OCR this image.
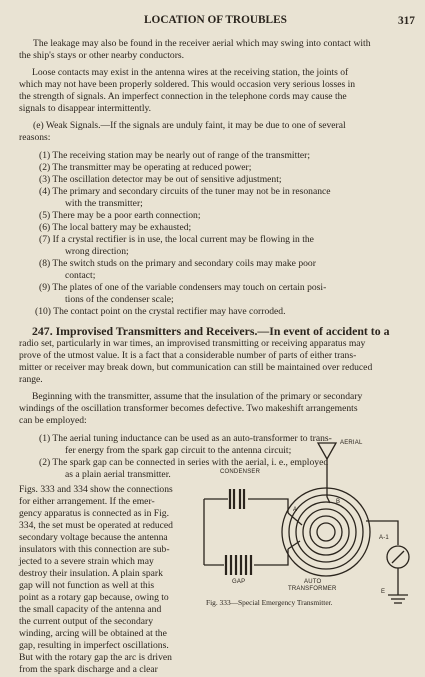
LOCATION OF TROUBLES	317
The leakage may also be found in the receiver aerial which may swing into contact with
the ship's stays or other nearby conductors.
Loose contacts may exist in the antenna wires at the receiving station, the joints of
which may not have been properly soldered. This would occasion very serious losses in
the strength of signals. An imperfect connection in the telephone cords may cause the
signals to disappear intermittently.
(e) Weak Signals.—If the signals are unduly faint, it may be due to one of several
reasons:
(1) The receiving station may be nearly out of range of the transmitter;
(2) The transmitter may be operating at reduced power;
(3) The oscillation detector may be out of sensitive adjustment;
(4) The primary and secondary circuits of the tuner may not be in resonance
with the transmitter;
(5) There may be a poor earth connection;
(6) The local battery may be exhausted;
(7) If a crystal rectifier is in use, the local current may be flowing in the
wrong direction;
(8) The switch studs on the primary and secondary coils may make poor
contact;
(9) The plates of one of the variable condensers may touch on certain posi-
tions of the condenser scale;
(10) The contact point on the crystal rectifier may have corroded.
247. Improvised Transmitters and Receivers.—In event of accident to a
radio set, particularly in war times, an improvised transmitting or receiving apparatus may
prove of the utmost value. It is a fact that a considerable number of parts of either trans-
mitter or receiver may break down, but communication can still be maintained over reduced
range.
Beginning with the transmitter, assume that the insulation of the primary or secondary
windings of the oscillation transformer becomes defective. Two makeshift arrangements
can be employed:
(1) The aerial tuning inductance can be used as an auto-transformer to trans-
fer energy from the spark gap circuit to the antenna circuit;
(2) The spark gap can be connected in series with the aerial, i. e., employed
as a plain aerial transmitter.
Figs. 333 and 334 show the connections
for either arrangement. If the emer-
gency apparatus is connected as in Fig.
334, the set must be operated at reduced
secondary voltage because the antenna
insulators with this connection are sub-
jected to a severe strain which may
destroy their insulation. A plain spark
gap will not function as well at this
point as a rotary gap because, owing to
the small capacity of the antenna and
the current output of the secondary
winding, arcing will be obtained at the
gap, resulting in imperfect oscillations.
But with the rotary gap the arc is driven
from the spark discharge and a clear
AERIAL
CONDENSER
GAP	AUTO
TRANSFORMER
A
B
A-1
E
Fig. 333—Special Emergency Transmitter.
